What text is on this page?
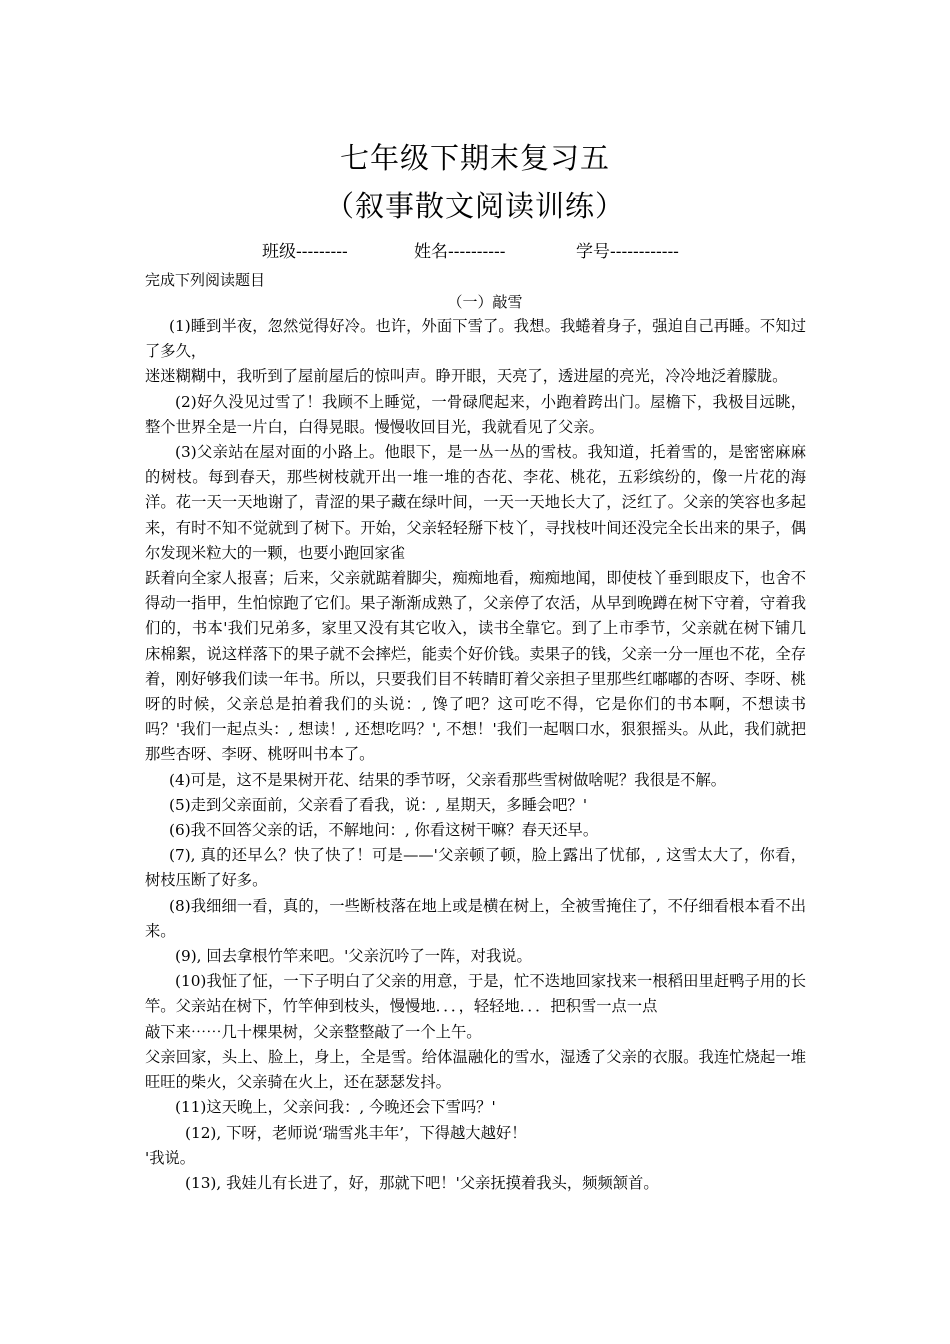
七年级下期末复习五
（叙事散文阅读训练）
班级---------	姓名----------	学号------------
完成下列阅读题目
（一）敲雪

(1)睡到半夜，忽然觉得好冷。也许，外面下雪了。我想。我蜷着身子，强迫自己再睡。不知过了多久，

迷迷糊糊中，我听到了屋前屋后的惊叫声。睁开眼，天亮了，透进屋的亮光，冷冷地泛着朦胧。

(2)好久没见过雪了！我顾不上睡觉，一骨碌爬起来，小跑着跨出门。屋檐下，我极目远眺，整个世界全是一片白，白得晃眼。慢慢收回目光，我就看见了父亲。

(3)父亲站在屋对面的小路上。他眼下，是一丛一丛的雪枝。我知道，托着雪的，是密密麻麻的树枝。每到春天，那些树枝就开出一堆一堆的杏花、李花、桃花，五彩缤纷的，像一片花的海洋。花一天一天地谢了，青涩的果子藏在绿叶间，一天一天地长大了，泛红了。父亲的笑容也多起来，有时不知不觉就到了树下。开始，父亲轻轻掰下枝丫，寻找枝叶间还没完全长出来的果子，偶尔发现米粒大的一颗，也要小跑回家雀

跃着向全家人报喜；后来，父亲就踮着脚尖，痴痴地看，痴痴地闻，即使枝丫垂到眼皮下，也舍不得动一指甲，生怕惊跑了它们。果子渐渐成熟了，父亲停了农活，从早到晚蹲在树下守着，守着我们的，书本'我们兄弟多，家里又没有其它收入，读书全靠它。到了上市季节，父亲就在树下铺几床棉絮，说这样落下的果子就不会摔烂，能卖个好价钱。卖果子的钱，父亲一分一厘也不花，全存着，刚好够我们读一年书。所以，只要我们目不转睛盯着父亲担子里那些红嘟嘟的杏呀、李呀、桃呀的时候，父亲总是拍着我们的头说：, 馋了吧？这可吃不得，它是你们的书本啊，不想读书吗？'我们一起点头：, 想读！, 还想吃吗？', 不想！'我们一起咽口水，狠狠摇头。从此，我们就把那些杏呀、李呀、桃呀叫书本了。

(4)可是，这不是果树开花、结果的季节呀，父亲看那些雪树做啥呢？我很是不解。

(5)走到父亲面前，父亲看了看我，说：, 星期天，多睡会吧？'

(6)我不回答父亲的话，不解地问：, 你看这树干嘛？春天还早。

(7), 真的还早么？快了快了！可是——'父亲顿了顿，脸上露出了忧郁，, 这雪太大了，你看，树枝压断了好多。

(8)我细细一看，真的，一些断枝落在地上或是横在树上，全被雪掩住了，不仔细看根本看不出来。

(9), 回去拿根竹竿来吧。'父亲沉吟了一阵，对我说。

(10)我怔了怔，一下子明白了父亲的用意，于是，忙不迭地回家找来一根稻田里赶鸭子用的长竿。父亲站在树下，竹竿伸到枝头，慢慢地．．．，轻轻地．．．把积雪一点一点

敲下来⋯⋯几十棵果树，父亲整整敲了一个上午。

父亲回家，头上、脸上，身上，全是雪。给体温融化的雪水，湿透了父亲的衣服。我连忙烧起一堆旺旺的柴火，父亲骑在火上，还在瑟瑟发抖。

(11)这天晚上，父亲问我：, 今晚还会下雪吗？'

(12), 下呀，老师说‘瑞雪兆丰年’，下得越大越好！

'我说。

(13), 我娃儿有长进了，好，那就下吧！'父亲抚摸着我头，频频颔首。
